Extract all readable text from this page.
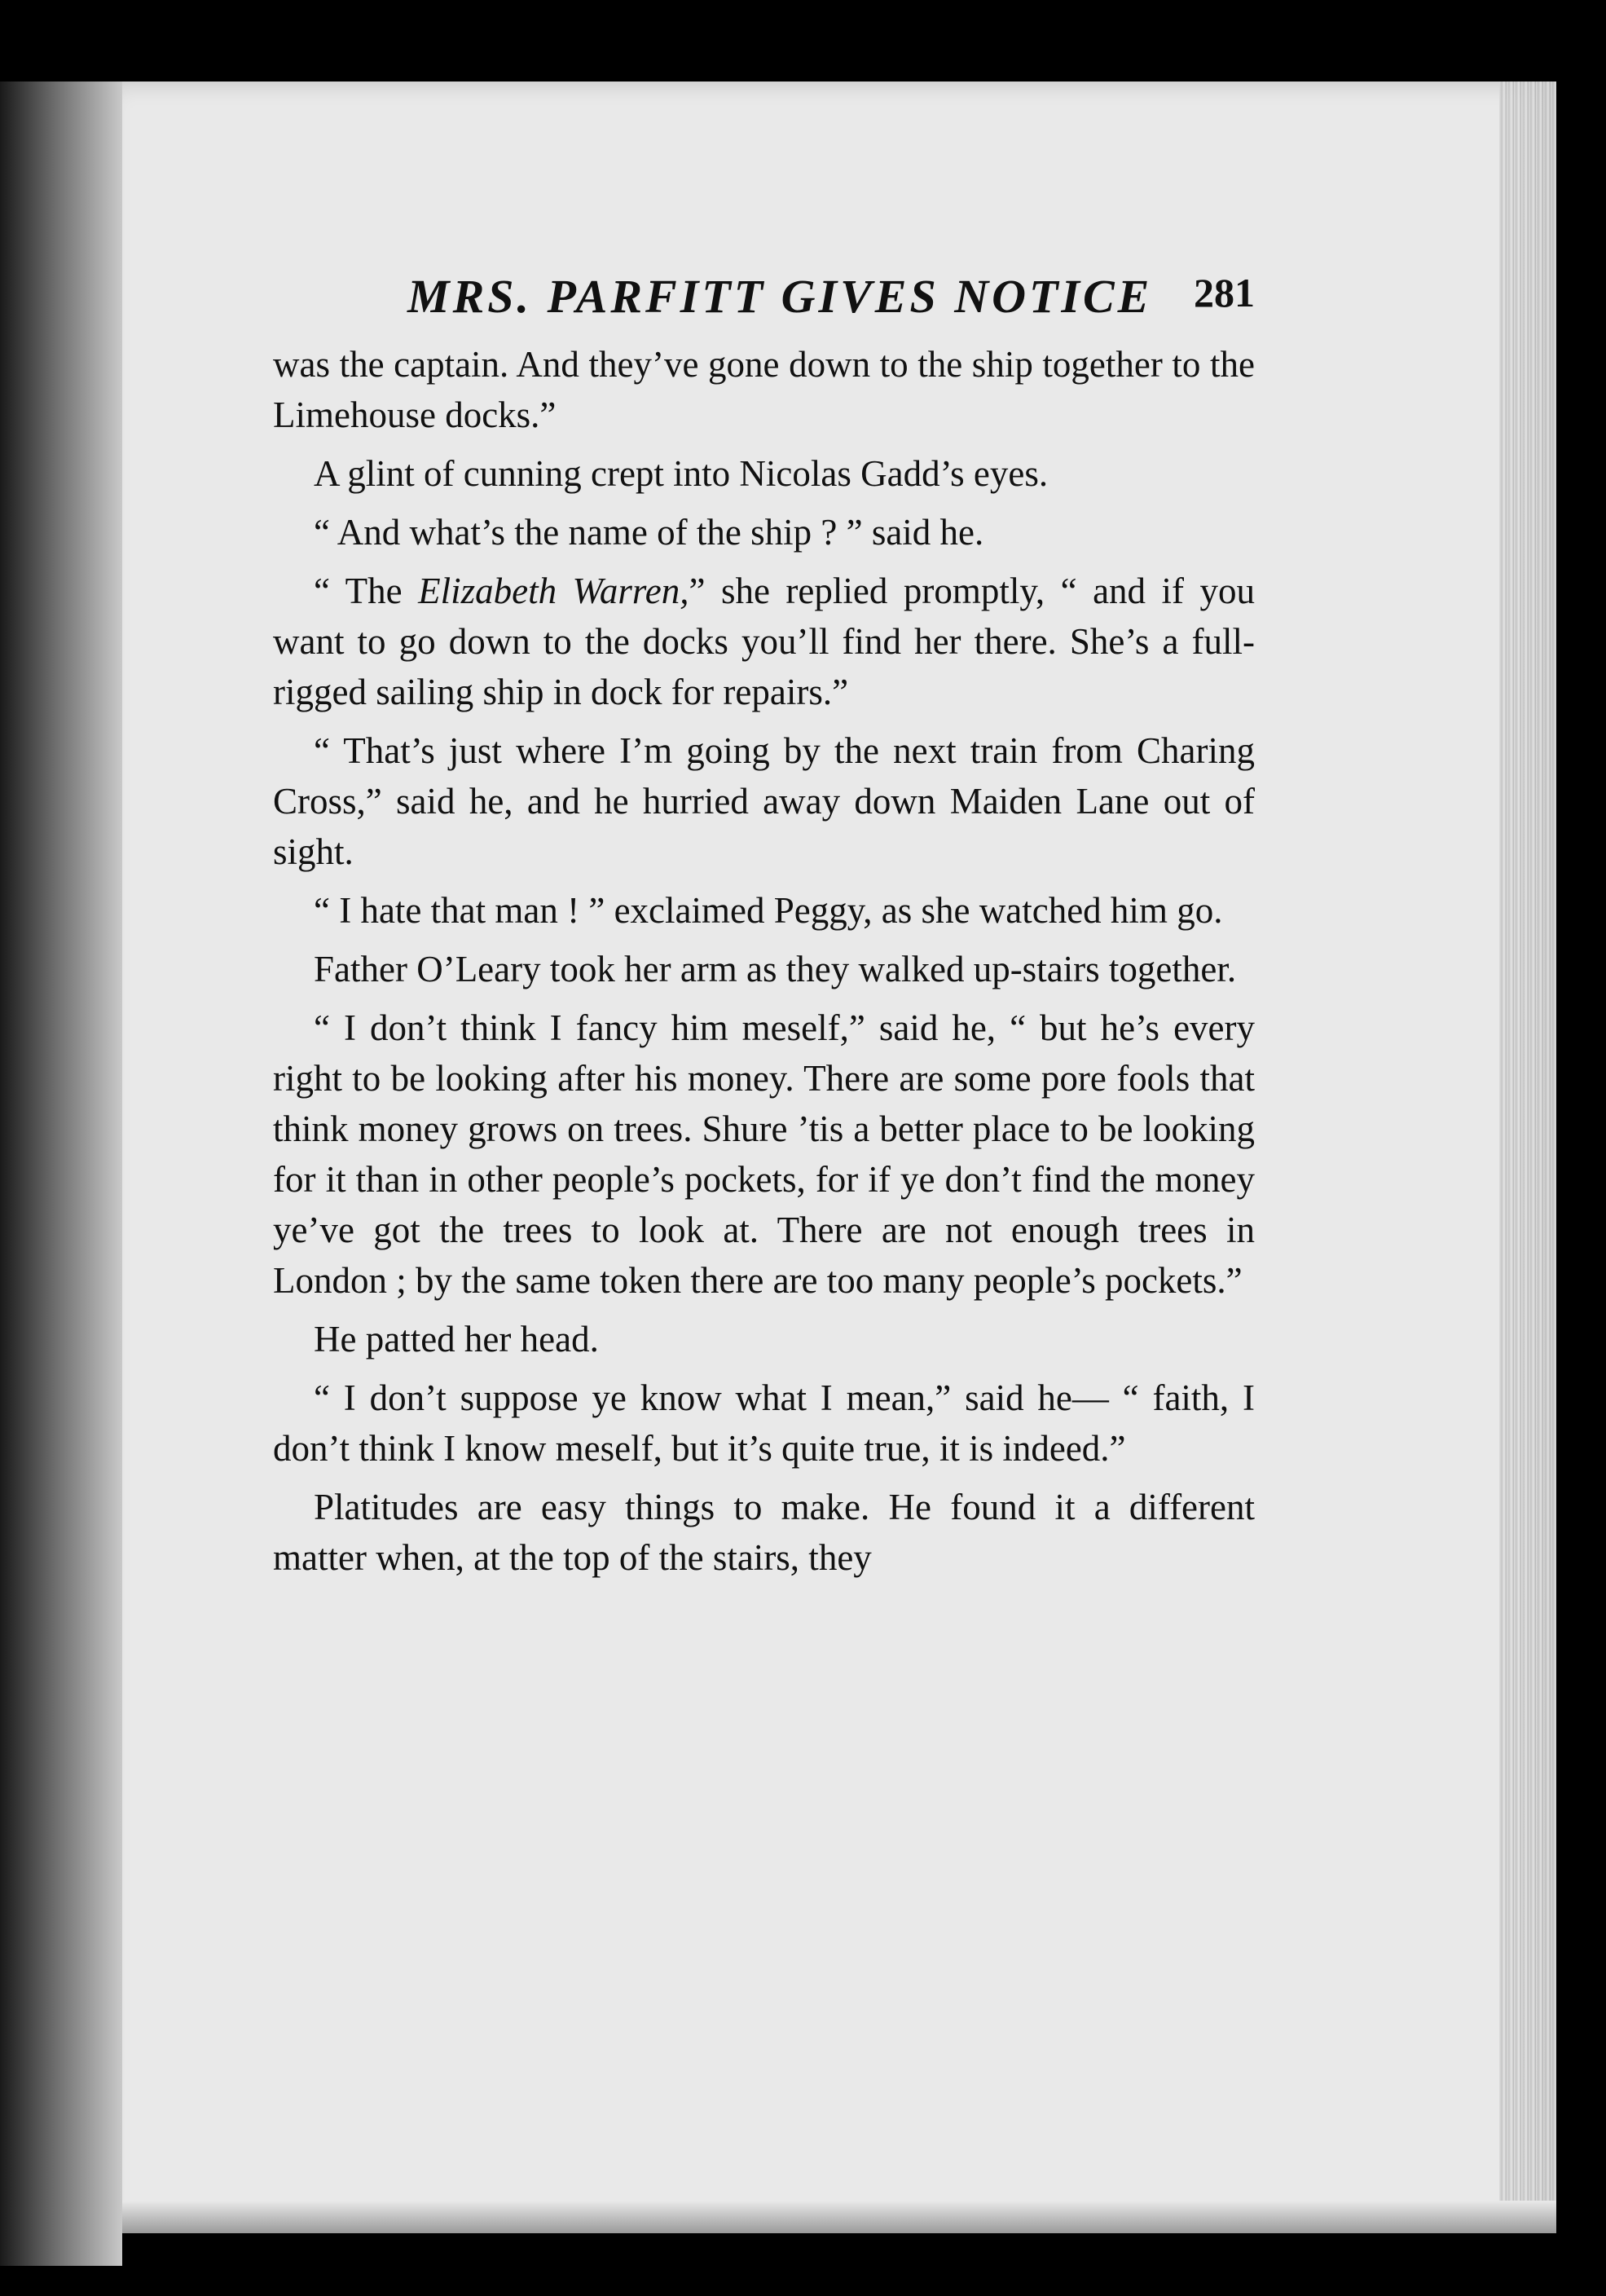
MRS. PARFITT GIVES NOTICE 281

was the captain. And they’ve gone down to the ship together to the Limehouse docks.”

A glint of cunning crept into Nicolas Gadd’s eyes.

“ And what’s the name of the ship ? ” said he.

“ The Elizabeth Warren,” she replied promptly, “ and if you want to go down to the docks you’ll find her there. She’s a full-rigged sailing ship in dock for repairs.”

“ That’s just where I’m going by the next train from Charing Cross,” said he, and he hurried away down Maiden Lane out of sight.

“ I hate that man ! ” exclaimed Peggy, as she watched him go.

Father O’Leary took her arm as they walked up-stairs together.

“ I don’t think I fancy him meself,” said he, “ but he’s every right to be looking after his money. There are some pore fools that think money grows on trees. Shure ’tis a better place to be looking for it than in other people’s pockets, for if ye don’t find the money ye’ve got the trees to look at. There are not enough trees in London ; by the same token there are too many people’s pockets.”

He patted her head.

“ I don’t suppose ye know what I mean,” said he— “ faith, I don’t think I know meself, but it’s quite true, it is indeed.”

Platitudes are easy things to make. He found it a different matter when, at the top of the stairs, they
